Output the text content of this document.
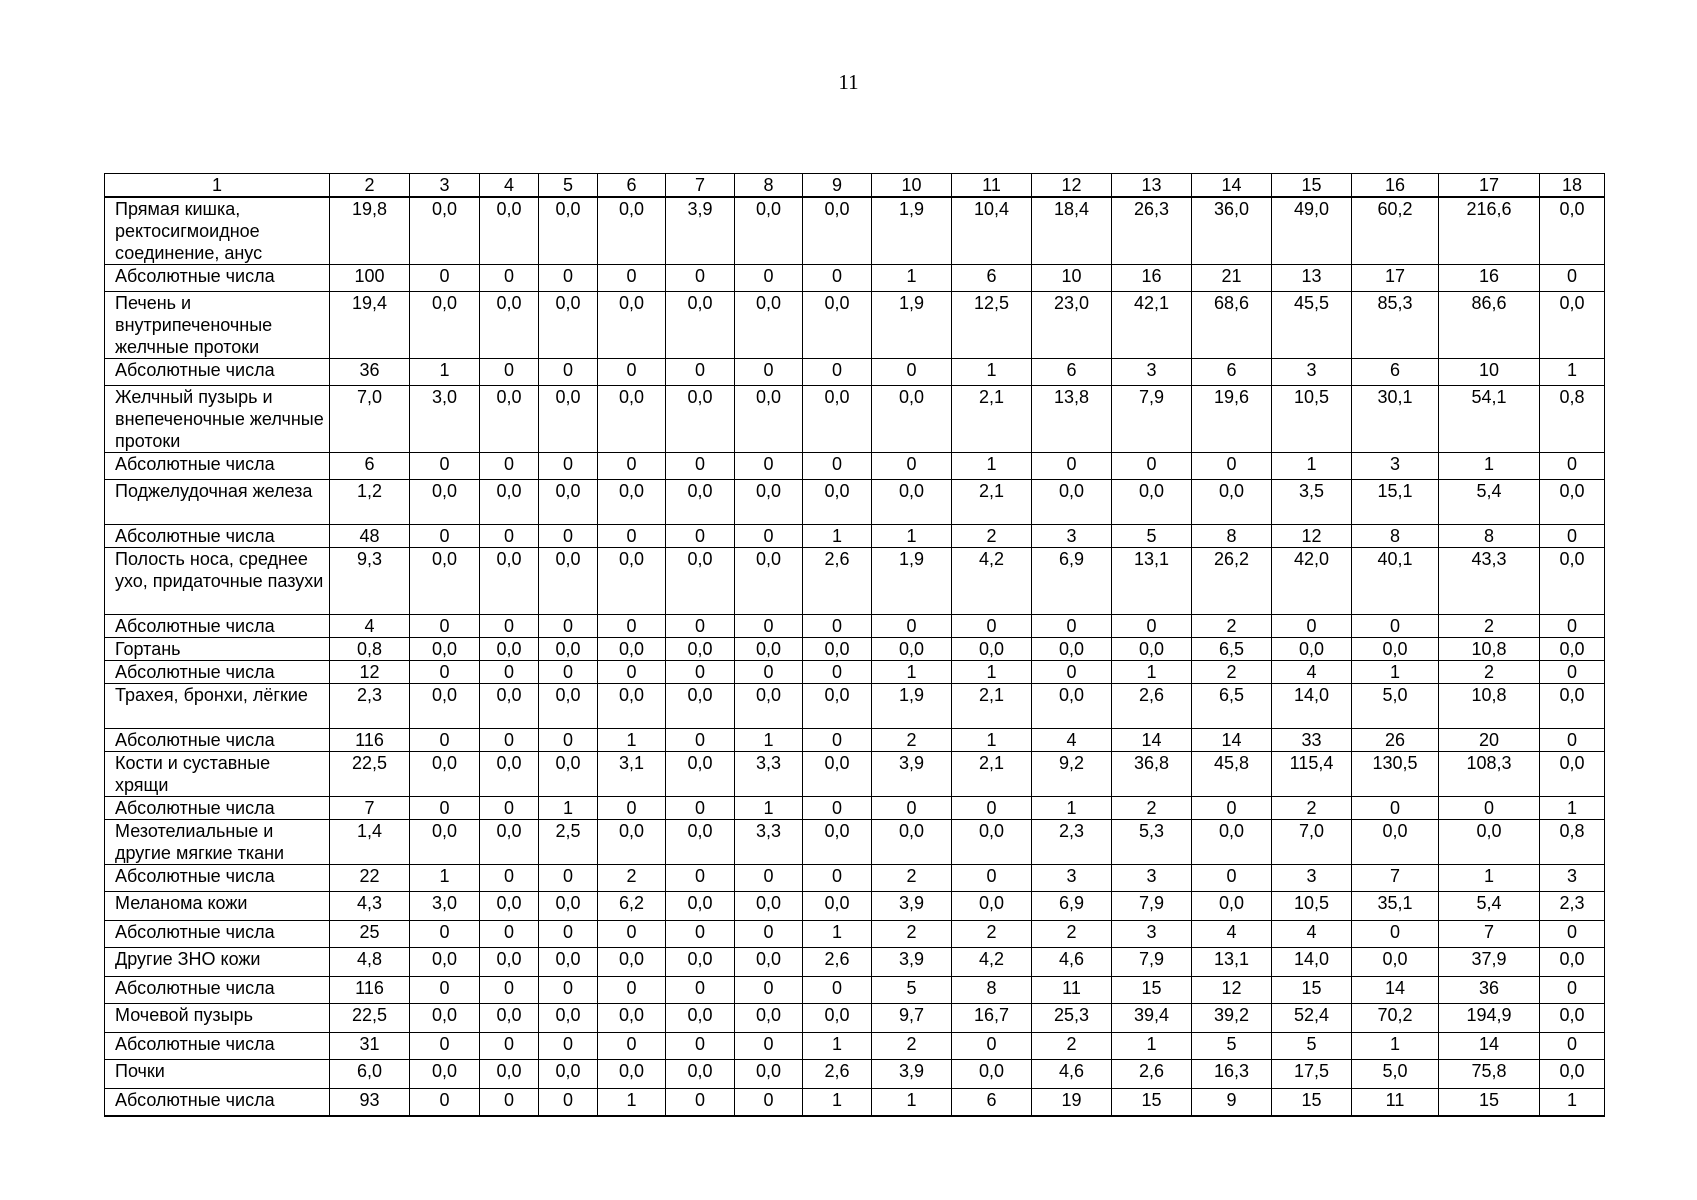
11
1	2	3	4	5	6	7	8	9	10	11	12	13	14	15	16	17	18
Прямая кишка, ректосигмоидное соединение, анус	19,8	0,0	0,0	0,0	0,0	3,9	0,0	0,0	1,9	10,4	18,4	26,3	36,0	49,0	60,2	216,6	0,0
Абсолютные числа	100	0	0	0	0	0	0	0	1	6	10	16	21	13	17	16	0
Печень и внутрипеченочные желчные протоки	19,4	0,0	0,0	0,0	0,0	0,0	0,0	0,0	1,9	12,5	23,0	42,1	68,6	45,5	85,3	86,6	0,0
Абсолютные числа	36	1	0	0	0	0	0	0	0	1	6	3	6	3	6	10	1
Желчный пузырь и внепеченочные желчные протоки	7,0	3,0	0,0	0,0	0,0	0,0	0,0	0,0	0,0	2,1	13,8	7,9	19,6	10,5	30,1	54,1	0,8
Абсолютные числа	6	0	0	0	0	0	0	0	0	1	0	0	0	1	3	1	0
Поджелудочная железа	1,2	0,0	0,0	0,0	0,0	0,0	0,0	0,0	0,0	2,1	0,0	0,0	0,0	3,5	15,1	5,4	0,0
Абсолютные числа	48	0	0	0	0	0	0	1	1	2	3	5	8	12	8	8	0
Полость носа, среднее ухо, придаточные пазухи	9,3	0,0	0,0	0,0	0,0	0,0	0,0	2,6	1,9	4,2	6,9	13,1	26,2	42,0	40,1	43,3	0,0
Абсолютные числа	4	0	0	0	0	0	0	0	0	0	0	0	2	0	0	2	0
Гортань	0,8	0,0	0,0	0,0	0,0	0,0	0,0	0,0	0,0	0,0	0,0	0,0	6,5	0,0	0,0	10,8	0,0
Абсолютные числа	12	0	0	0	0	0	0	0	1	1	0	1	2	4	1	2	0
Трахея, бронхи, лёгкие	2,3	0,0	0,0	0,0	0,0	0,0	0,0	0,0	1,9	2,1	0,0	2,6	6,5	14,0	5,0	10,8	0,0
Абсолютные числа	116	0	0	0	1	0	1	0	2	1	4	14	14	33	26	20	0
Кости и суставные хрящи	22,5	0,0	0,0	0,0	3,1	0,0	3,3	0,0	3,9	2,1	9,2	36,8	45,8	115,4	130,5	108,3	0,0
Абсолютные числа	7	0	0	1	0	0	1	0	0	0	1	2	0	2	0	0	1
Мезотелиальные и другие мягкие ткани	1,4	0,0	0,0	2,5	0,0	0,0	3,3	0,0	0,0	0,0	2,3	5,3	0,0	7,0	0,0	0,0	0,8
Абсолютные числа	22	1	0	0	2	0	0	0	2	0	3	3	0	3	7	1	3
Меланома кожи	4,3	3,0	0,0	0,0	6,2	0,0	0,0	0,0	3,9	0,0	6,9	7,9	0,0	10,5	35,1	5,4	2,3
Абсолютные числа	25	0	0	0	0	0	0	1	2	2	2	3	4	4	0	7	0
Другие ЗНО кожи	4,8	0,0	0,0	0,0	0,0	0,0	0,0	2,6	3,9	4,2	4,6	7,9	13,1	14,0	0,0	37,9	0,0
Абсолютные числа	116	0	0	0	0	0	0	0	5	8	11	15	12	15	14	36	0
Мочевой пузырь	22,5	0,0	0,0	0,0	0,0	0,0	0,0	0,0	9,7	16,7	25,3	39,4	39,2	52,4	70,2	194,9	0,0
Абсолютные числа	31	0	0	0	0	0	0	1	2	0	2	1	5	5	1	14	0
Почки	6,0	0,0	0,0	0,0	0,0	0,0	0,0	2,6	3,9	0,0	4,6	2,6	16,3	17,5	5,0	75,8	0,0
Абсолютные числа	93	0	0	0	1	0	0	1	1	6	19	15	9	15	11	15	1
